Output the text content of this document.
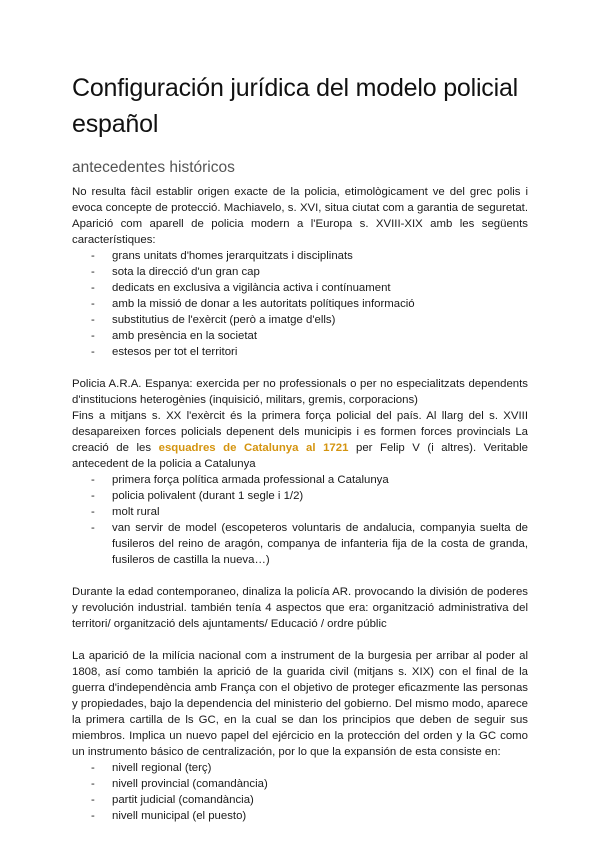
Configuración jurídica del modelo policial español
antecedentes históricos

No resulta fàcil establir origen exacte de la policia, etimològicament ve del grec polis i evoca concepte de protecció. Machiavelo, s. XVI, situa ciutat com a garantia de seguretat. Aparició com aparell de policia modern a l'Europa s. XVIII-XIX amb les següents característiques:

- grans unitats d'homes jerarquitzats i disciplinats
- sota la direcció d'un gran cap
- dedicats en exclusiva a vigilància activa i contínuament
- amb la missió de donar a les autoritats polítiques informació
- substitutius de l'exèrcit (però a imatge d'ells)
- amb presència en la societat
- estesos per tot el territori

Policia A.R.A. Espanya: exercida per no professionals o per no especialitzats dependents d'institucions heterogènies (inquisició, militars, gremis, corporacions)

Fins a mitjans s. XX l'exèrcit és la primera força policial del país. Al llarg del s. XVIII desapareixen forces policials depenent dels municipis i es formen forces provincials La creació de les esquadres de Catalunya al 1721 per Felip V (i altres). Veritable antecedent de la policia a Catalunya

- primera força política armada professional a Catalunya
- policia polivalent (durant 1 segle i 1/2)
- molt rural
- van servir de model (escopeteros voluntaris de andalucia, companyia suelta de fusileros del reino de aragón, companya de infanteria fija de la costa de granda, fusileros de castilla la nueva…)

Durante la edad contemporaneo, dinaliza la policía AR. provocando la división de poderes y revolución industrial. también tenía 4 aspectos que era: organització administrativa del territori/ organització dels ajuntaments/ Educació / ordre públic

La aparició de la milícia nacional com a instrument de la burgesia per arribar al poder al 1808, así como también la aprició de la guarida civil (mitjans s. XIX) con el final de la guerra d'independència amb França con el objetivo de proteger eficazmente las personas y propiedades, bajo la dependencia del ministerio del gobierno. Del mismo modo, aparece la primera cartilla de ls GC, en la cual se dan los principios que deben de seguir sus miembros. Implica un nuevo papel del ejércicio en la protección del orden y la GC como un instrumento básico de centralización, por lo que la expansión de esta consiste en:

- nivell regional (terç)
- nivell provincial (comandància)
- partit judicial (comandància)
- nivell municipal (el puesto)
